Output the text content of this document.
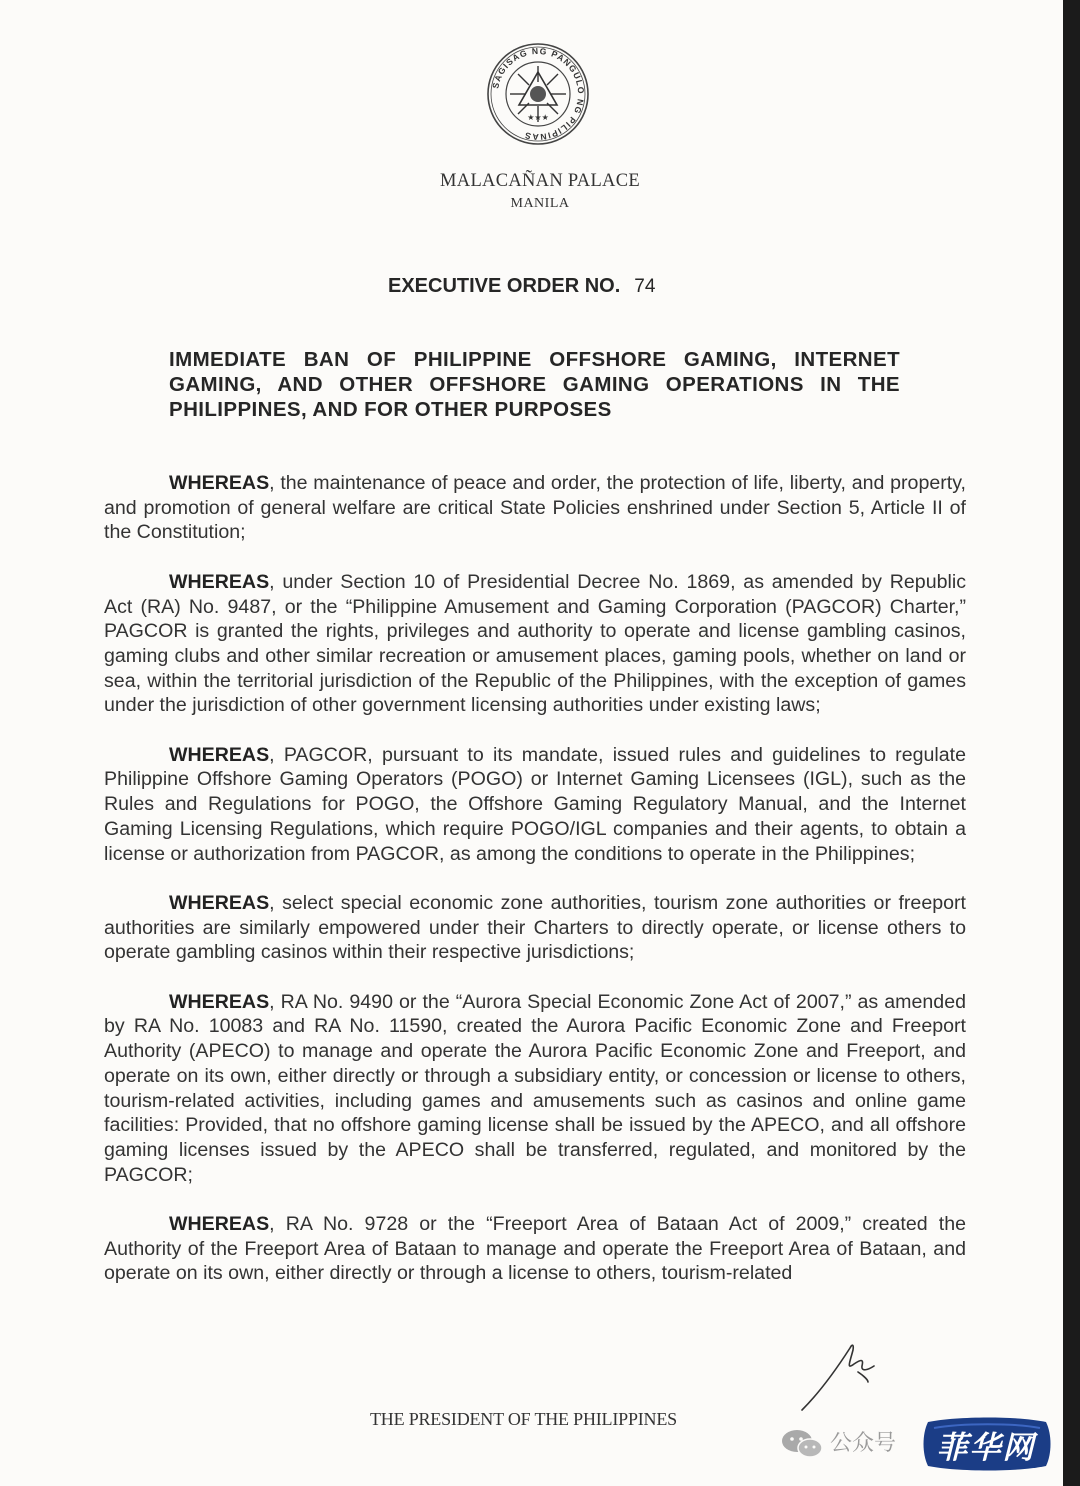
SAGISAG NG PANGULO NG PILIPINAS
★★★
MALACAÑAN PALACE
MANILA
EXECUTIVE ORDER NO. 74
IMMEDIATE BAN OF PHILIPPINE OFFSHORE GAMING, INTERNET GAMING, AND OTHER OFFSHORE GAMING OPERATIONS IN THE PHILIPPINES, AND FOR OTHER PURPOSES

WHEREAS, the maintenance of peace and order, the protection of life, liberty, and property, and promotion of general welfare are critical State Policies enshrined under Section 5, Article II of the Constitution;

WHEREAS, under Section 10 of Presidential Decree No. 1869, as amended by Republic Act (RA) No. 9487, or the “Philippine Amusement and Gaming Corporation (PAGCOR) Charter,” PAGCOR is granted the rights, privileges and authority to operate and license gambling casinos, gaming clubs and other similar recreation or amusement places, gaming pools, whether on land or sea, within the territorial jurisdiction of the Republic of the Philippines, with the exception of games under the jurisdiction of other government licensing authorities under existing laws;

WHEREAS, PAGCOR, pursuant to its mandate, issued rules and guidelines to regulate Philippine Offshore Gaming Operators (POGO) or Internet Gaming Licensees (IGL), such as the Rules and Regulations for POGO, the Offshore Gaming Regulatory Manual, and the Internet Gaming Licensing Regulations, which require POGO/IGL companies and their agents, to obtain a license or authorization from PAGCOR, as among the conditions to operate in the Philippines;

WHEREAS, select special economic zone authorities, tourism zone authorities or freeport authorities are similarly empowered under their Charters to directly operate, or license others to operate gambling casinos within their respective jurisdictions;

WHEREAS, RA No. 9490 or the “Aurora Special Economic Zone Act of 2007,” as amended by RA No. 10083 and RA No. 11590, created the Aurora Pacific Economic Zone and Freeport Authority (APECO) to manage and operate the Aurora Pacific Economic Zone and Freeport, and operate on its own, either directly or through a subsidiary entity, or concession or license to others, tourism-related activities, including games and amusements such as casinos and online game facilities: Provided, that no offshore gaming license shall be issued by the APECO, and all offshore gaming licenses issued by the APECO shall be transferred, regulated, and monitored by the PAGCOR;

WHEREAS, RA No. 9728 or the “Freeport Area of Bataan Act of 2009,” created the Authority of the Freeport Area of Bataan to manage and operate the Freeport Area of Bataan, and operate on its own, either directly or through a license to others, tourism-related

THE PRESIDENT OF THE PHILIPPINES
公众号	菲华网
